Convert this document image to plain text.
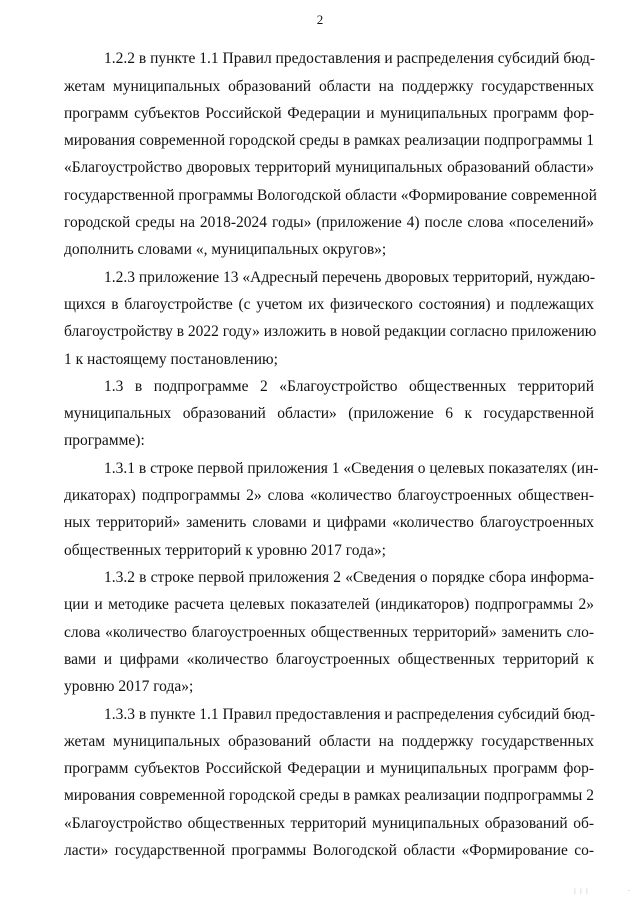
2
1.2.2 в пункте 1.1 Правил предоставления и распределения субсидий бюд-
жетам муниципальных образований области на поддержку государственных
программ субъектов Российской Федерации и муниципальных программ фор-
мирования современной городской среды в рамках реализации подпрограммы 1
«Благоустройство дворовых территорий муниципальных образований области»
государственной программы Вологодской области «Формирование современной
городской среды на 2018-2024 годы» (приложение 4) после слова «поселений»
дополнить словами «, муниципальных округов»;
1.2.3 приложение 13 «Адресный перечень дворовых территорий, нуждаю-
щихся в благоустройстве (с учетом их физического состояния) и подлежащих
благоустройству в 2022 году» изложить в новой редакции согласно приложению
1 к настоящему постановлению;
1.3 в подпрограмме 2 «Благоустройство общественных территорий
муниципальных образований области» (приложение 6 к государственной
программе):
1.3.1 в строке первой приложения 1 «Сведения о целевых показателях (ин-
дикаторах) подпрограммы 2» слова «количество благоустроенных обществен-
ных территорий» заменить словами и цифрами «количество благоустроенных
общественных территорий к уровню 2017 года»;
1.3.2 в строке первой приложения 2 «Сведения о порядке сбора информа-
ции и методике расчета целевых показателей (индикаторов) подпрограммы 2»
слова «количество благоустроенных общественных территорий» заменить сло-
вами и цифрами «количество благоустроенных общественных территорий к
уровню 2017 года»;
1.3.3 в пункте 1.1 Правил предоставления и распределения субсидий бюд-
жетам муниципальных образований области на поддержку государственных
программ субъектов Российской Федерации и муниципальных программ фор-
мирования современной городской среды в рамках реализации подпрограммы 2
«Благоустройство общественных территорий муниципальных образований об-
ласти» государственной программы Вологодской области «Формирование со-
⋮⋮⋮	·
